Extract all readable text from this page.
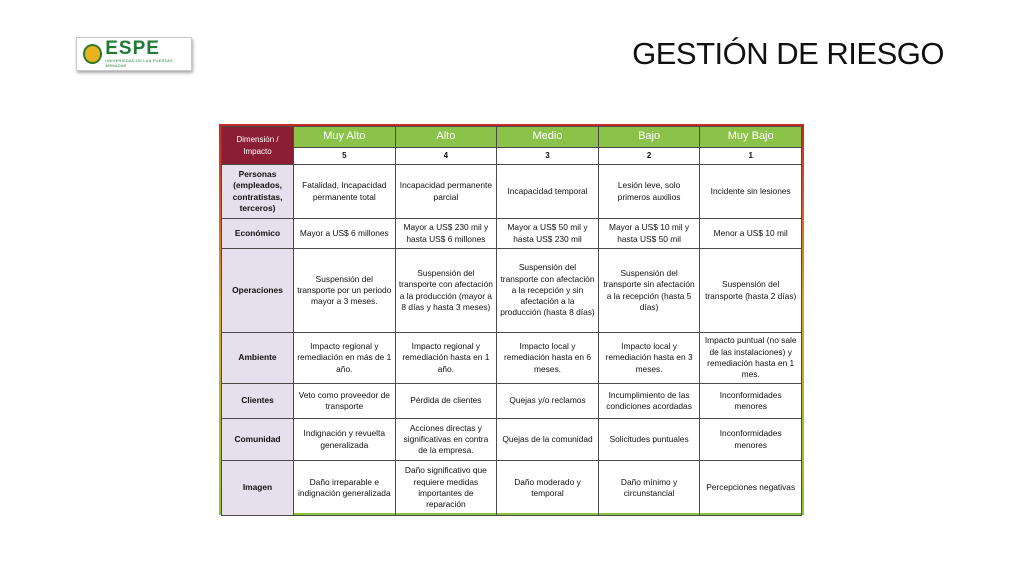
ESPE
UNIVERSIDAD DE LAS FUERZAS ARMADAS	GESTIÓN DE RIESGO
Dimensión / Impacto	Muy Alto	Alto	Medio	Bajo	Muy Bajo
	5	4	3	2	1
Personas (empleados, contratistas, terceros)	Fatalidad, Incapacidad permanente total	Incapacidad permanente parcial	Incapacidad temporal	Lesión leve, solo primeros auxilios	Incidente sin lesiones
Económico	Mayor a US$ 6 millones	Mayor a US$ 230 mil y hasta US$ 6 millones	Mayor a US$ 50 mil y hasta US$ 230 mil	Mayor a US$ 10 mil y hasta US$ 50 mil	Menor a US$ 10 mil
Operaciones	Suspensión del transporte por un periodo mayor a 3 meses.	Suspensión del transporte con afectación a la producción (mayor a 8 días y hasta 3 meses)	Suspensión del transporte con afectación a la recepción y sin afectación a la producción (hasta 8 días)	Suspensión del transporte sin afectación a la recepción (hasta 5 días)	Suspensión del transporte (hasta 2 días)
Ambiente	Impacto regional y remediación en más de 1 año.	Impacto regional y remediación hasta en 1 año.	Impacto local y remediación hasta en 6 meses.	Impacto local y remediación hasta en 3 meses.	Impacto puntual (no sale de las instalaciones) y remediación hasta en 1 mes.
Clientes	Veto como proveedor de transporte	Pérdida de clientes	Quejas y/o reclamos	Incumplimiento de las condiciones acordadas	Inconformidades menores
Comunidad	Indignación y revuelta generalizada	Acciones directas y significativas en contra de la empresa.	Quejas de la comunidad	Solicitudes puntuales	Inconformidades menores
Imagen	Daño irreparable e indignación generalizada	Daño significativo que requiere medidas importantes de reparación	Daño moderado y temporal	Daño mínimo y circunstancial	Percepciones negativas
